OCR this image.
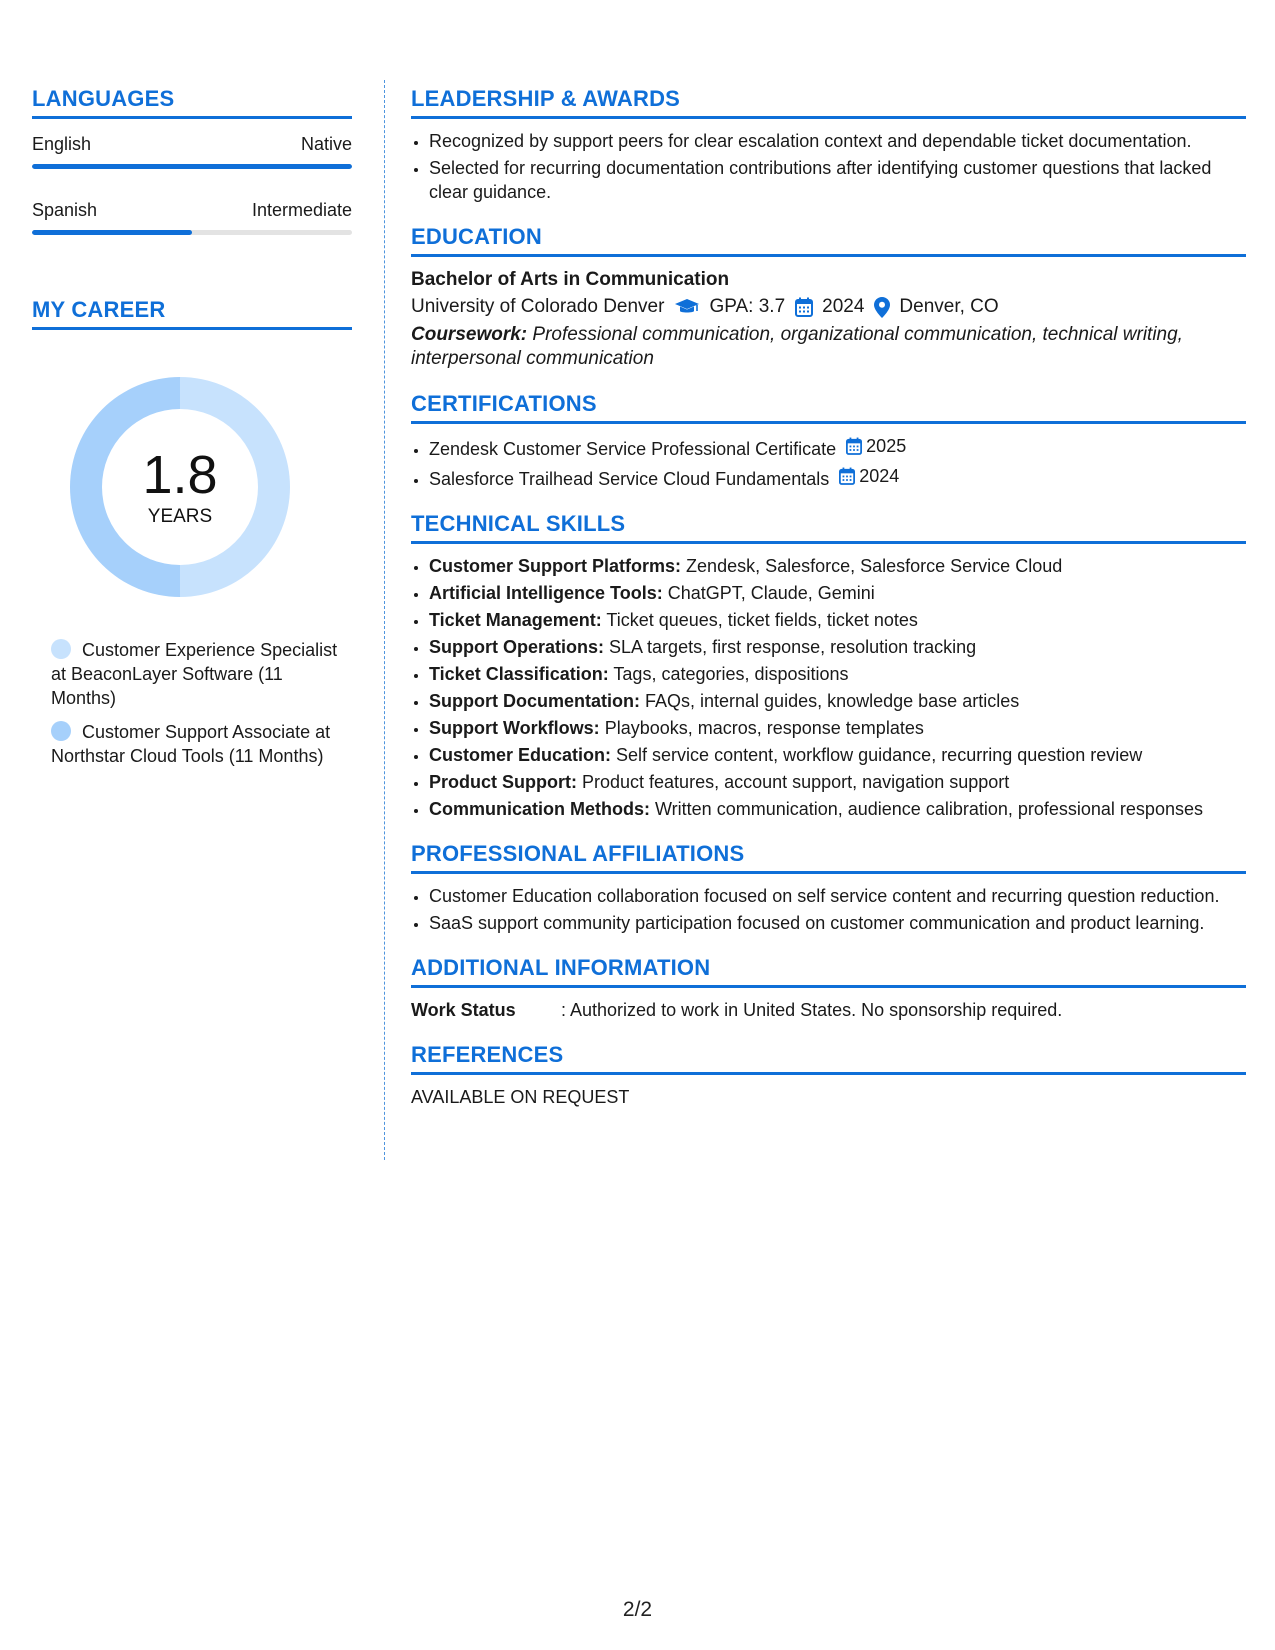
LANGUAGES
English	Native
Spanish	Intermediate
MY CAREER
1.8
YEARS
Customer Experience Specialist at BeaconLayer Software (11 Months)
Customer Support Associate at Northstar Cloud Tools (11 Months)
LEADERSHIP & AWARDS
• Recognized by support peers for clear escalation context and dependable ticket documentation.
• Selected for recurring documentation contributions after identifying customer questions that lacked clear guidance.
EDUCATION
Bachelor of Arts in Communication
University of Colorado Denver GPA: 3.7 2024 Denver, CO
Coursework: Professional communication, organizational communication, technical writing, interpersonal communication
CERTIFICATIONS
• Zendesk Customer Service Professional Certificate 2025
• Salesforce Trailhead Service Cloud Fundamentals 2024
TECHNICAL SKILLS
• Customer Support Platforms: Zendesk, Salesforce, Salesforce Service Cloud
• Artificial Intelligence Tools: ChatGPT, Claude, Gemini
• Ticket Management: Ticket queues, ticket fields, ticket notes
• Support Operations: SLA targets, first response, resolution tracking
• Ticket Classification: Tags, categories, dispositions
• Support Documentation: FAQs, internal guides, knowledge base articles
• Support Workflows: Playbooks, macros, response templates
• Customer Education: Self service content, workflow guidance, recurring question review
• Product Support: Product features, account support, navigation support
• Communication Methods: Written communication, audience calibration, professional responses
PROFESSIONAL AFFILIATIONS
• Customer Education collaboration focused on self service content and recurring question reduction.
• SaaS support community participation focused on customer communication and product learning.
ADDITIONAL INFORMATION
Work Status	: Authorized to work in United States. No sponsorship required.
REFERENCES
AVAILABLE ON REQUEST
2/2
